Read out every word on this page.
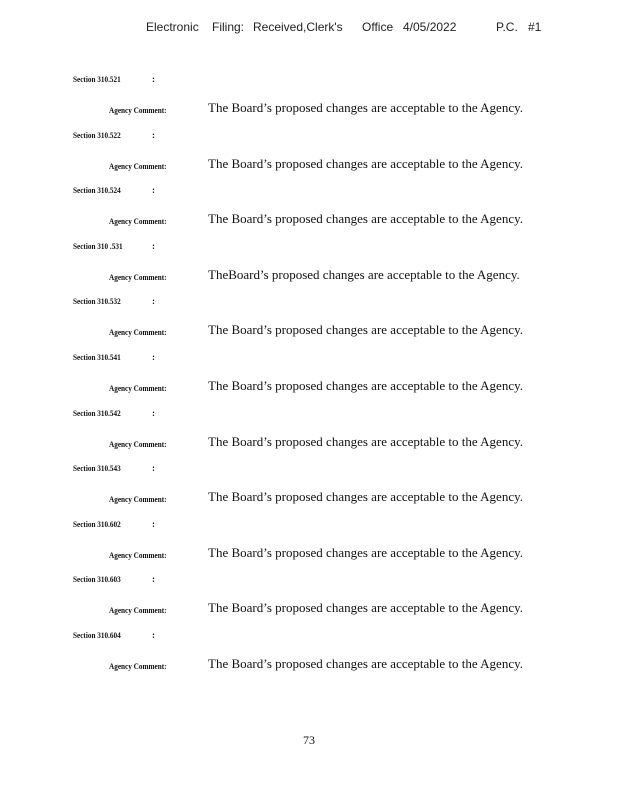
Electronic Filing: Received,Clerk's Office 4/05/2022	P.C. #1
Section 310.521	:
Agency Comment:	The Board’s proposed changes are acceptable to the Agency.
Section 310.522	:
Agency Comment:	The Board’s proposed changes are acceptable to the Agency.
Section 310.524	:
Agency Comment:	The Board’s proposed changes are acceptable to the Agency.
Section 310 .531	:
Agency Comment:	TheBoard’s proposed changes are acceptable to the Agency.
Section 310.532	:
Agency Comment:	The Board’s proposed changes are acceptable to the Agency.
Section 310.541	:
Agency Comment:	The Board’s proposed changes are acceptable to the Agency.
Section 310.542	:
Agency Comment:	The Board’s proposed changes are acceptable to the Agency.
Section 310.543	:
Agency Comment:	The Board’s proposed changes are acceptable to the Agency.
Section 310.602	:
Agency Comment:	The Board’s proposed changes are acceptable to the Agency.
Section 310.603	:
Agency Comment:	The Board’s proposed changes are acceptable to the Agency.
Section 310.604	:
Agency Comment:	The Board’s proposed changes are acceptable to the Agency.
73
